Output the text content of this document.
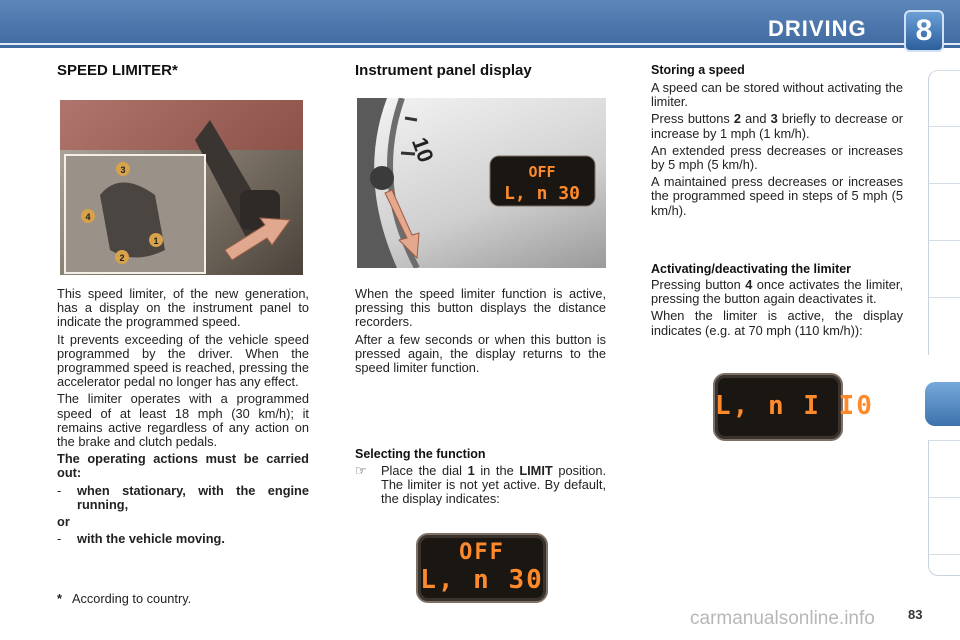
DRIVING	8
SPEED LIMITER*
3
4
1
2

This speed limiter, of the new generation, has a display on the instrument panel to indicate the programmed speed.

It prevents exceeding of the vehicle speed programmed by the driver. When the programmed speed is reached, pressing the accelerator pedal no longer has any effect.

The limiter operates with a programmed speed of at least 18 mph (30 km/h); it remains active regardless of any action on the brake and clutch pedals.

The operating actions must be carried out:

-	when stationary, with the engine running,

or

-	with the vehicle moving.
* According to country.
Instrument panel display
10
OFF
L, n 30

When the speed limiter function is active, pressing this button displays the distance recorders.

After a few seconds or when this button is pressed again, the display returns to the speed limiter function.

Selecting the function
☞	Place the dial 1 in the LIMIT position. The limiter is not yet active. By default, the display indicates:
OFF
L, n 30
Storing a speed

A speed can be stored without activating the limiter.

Press buttons 2 and 3 briefly to decrease or increase by 1 mph (1 km/h).

An extended press decreases or increases by 5 mph (5 km/h).

A maintained press decreases or increases the programmed speed in steps of 5 mph (5 km/h).

Activating/deactivating the limiter

Pressing button 4 once activates the limiter, pressing the button again deactivates it.

When the limiter is active, the display indicates (e.g. at 70 mph (110 km/h)):

L, n I I0
carmanualsonline.info	83
